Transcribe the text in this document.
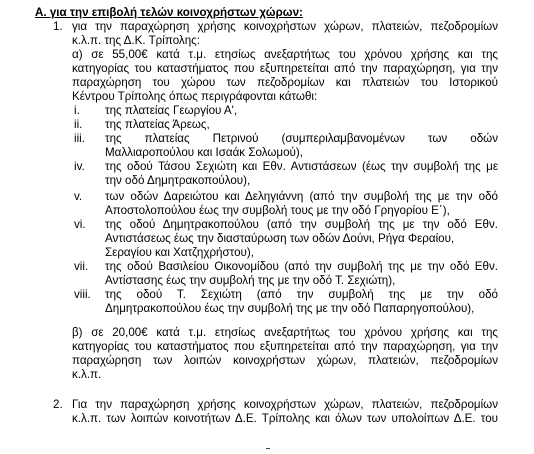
Α. για την επιβολή τελών κοινοχρήστων χώρων:
1. για την παραχώρηση χρήσης κοινοχρήστων χώρων, πλατειών, πεζοδρομίων
κ.λ.π. της Δ.Κ. Τρίπολης:
α) σε 55,00€ κατά τ.μ. ετησίως ανεξαρτήτως του χρόνου χρήσης και της
κατηγορίας του καταστήματος που εξυπηρετείται από την παραχώρηση, για την
παραχώρηση του χώρου των πεζοδρομίων και πλατειών του Ιστορικού
Κέντρου Τρίπολης όπως περιγράφονται κάτωθι:
i. της πλατείας Γεωργίου Α',
ii. της πλατείας Άρεως,
iii. της πλατείας Πετρινού (συμπεριλαμβανομένων των οδών
Μαλλιαροπούλου και Ισαάκ Σολωμού),
iv. της οδού Τάσου Σεχιώτη και Εθν. Αντιστάσεων (έως την συμβολή της με
την οδό Δημητρακοπούλου),
v. των οδών Δαρειώτου και Δεληγιάννη (από την συμβολή της με την οδό
Αποστολοπούλου έως την συμβολή τους με την οδό Γρηγορίου Ε΄),
vi. της οδού Δημητρακοπούλου (από την συμβολή της με την οδό Εθν.
Αντιστάσεως έως την διασταύρωση των οδών Δούνι, Ρήγα Φεραίου,
Σεραγίου και Χατζηχρήστου),
vii. της οδού Βασιλείου Οικονομίδου (από την συμβολή της με την οδό Εθν.
Αντίστασης έως την συμβολή της με την οδό Τ. Σεχιώτη),
viii. της οδού Τ. Σεχιώτη (από την συμβολή της με την οδό
Δημητρακοπούλου έως την συμβολή της με την οδό Παπαρηγοπούλου),
β) σε 20,00€ κατά τ.μ. ετησίως ανεξαρτήτως του χρόνου χρήσης και της
κατηγορίας του καταστήματος που εξυπηρετείται από την παραχώρηση, για την
παραχώρηση των λοιπών κοινοχρήστων χώρων, πλατειών, πεζοδρομίων
κ.λ.π.
2. Για την παραχώρηση χρήσης κοινοχρήστων χώρων, πλατειών, πεζοδρομίων
κ.λ.π. των λοιπών κοινοτήτων Δ.Ε. Τρίπολης και όλων των υπολοίπων Δ.Ε. του
